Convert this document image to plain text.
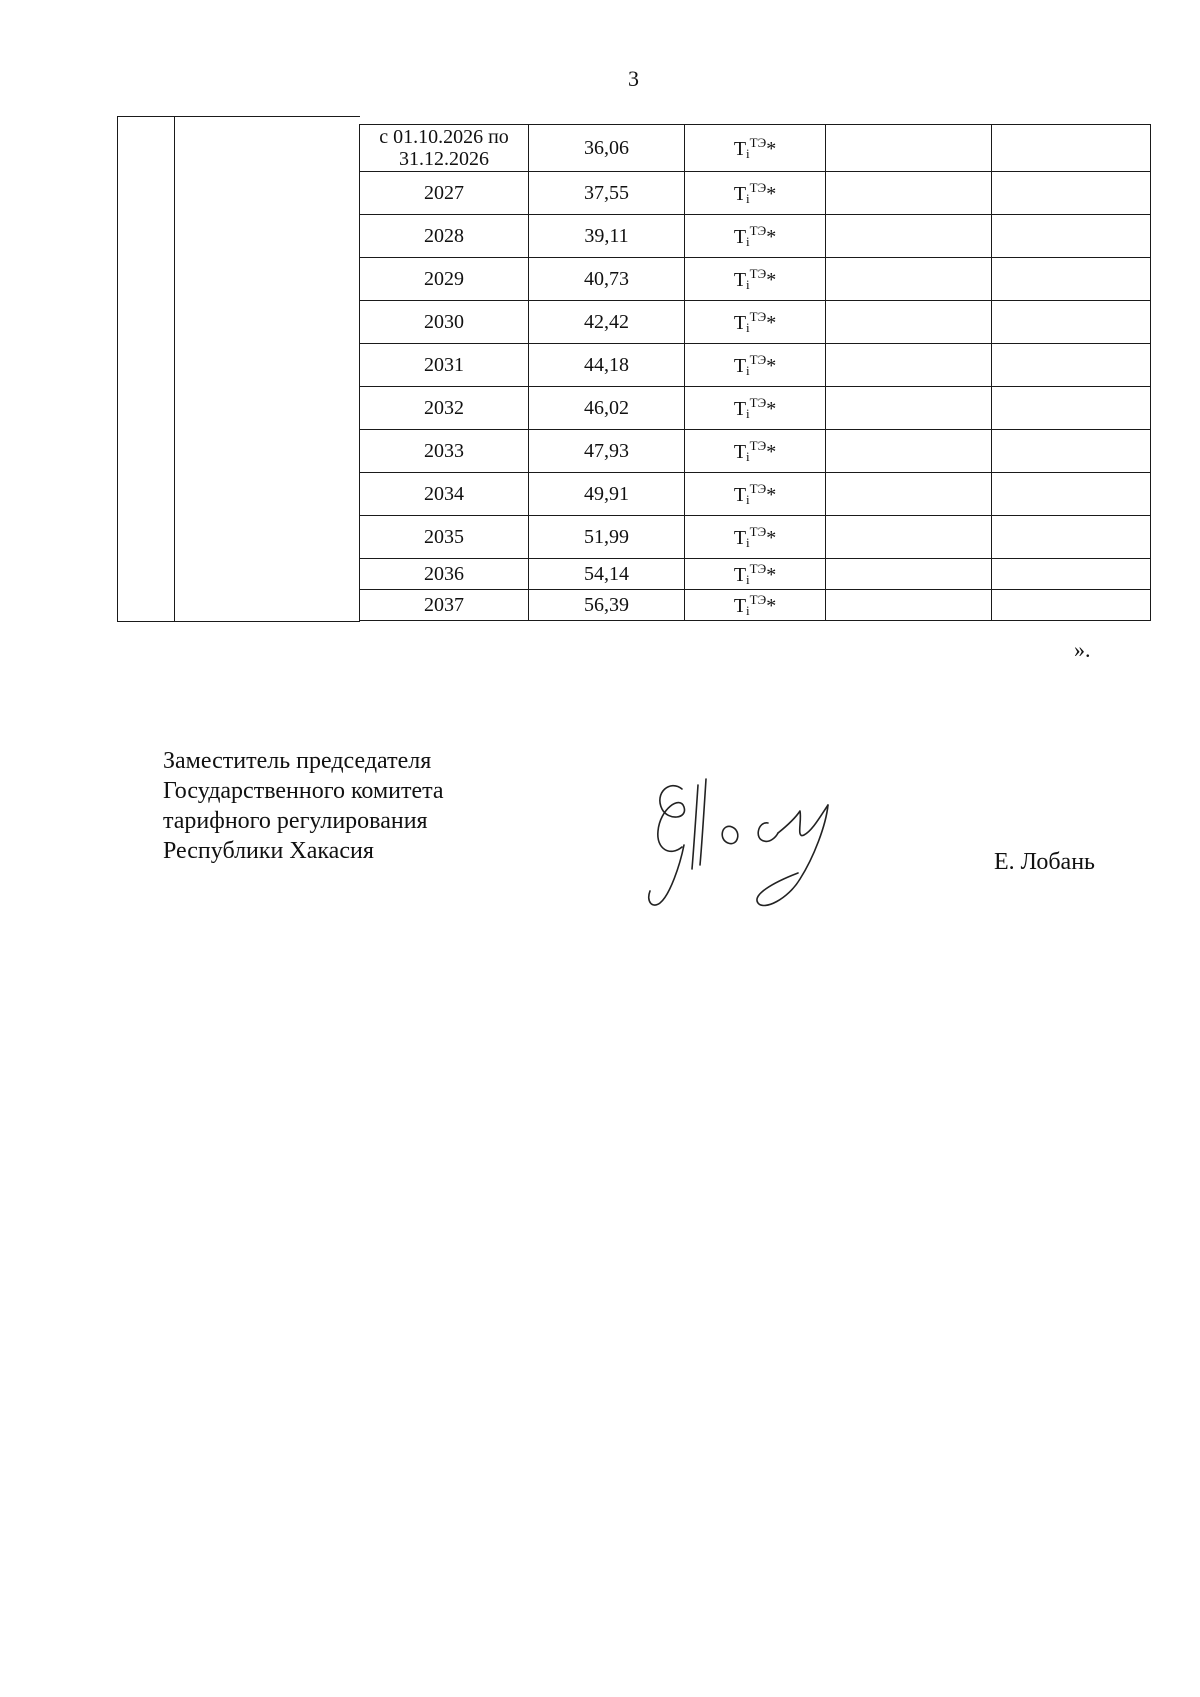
3
с 01.10.2026 по
31.12.2026	36,06	$T_i^{ТЭ}*$		
2027	37,55	$T_i^{ТЭ}*$		
2028	39,11	$T_i^{ТЭ}*$		
2029	40,73	$T_i^{ТЭ}*$		
2030	42,42	$T_i^{ТЭ}*$		
2031	44,18	$T_i^{ТЭ}*$		
2032	46,02	$T_i^{ТЭ}*$		
2033	47,93	$T_i^{ТЭ}*$		
2034	49,91	$T_i^{ТЭ}*$		
2035	51,99	$T_i^{ТЭ}*$		
2036	54,14	$T_i^{ТЭ}*$		
2037	56,39	$T_i^{ТЭ}*$		
».
Заместитель председателя
Государственного комитета
тарифного регулирования
Республики Хакасия	Е. Лобань
